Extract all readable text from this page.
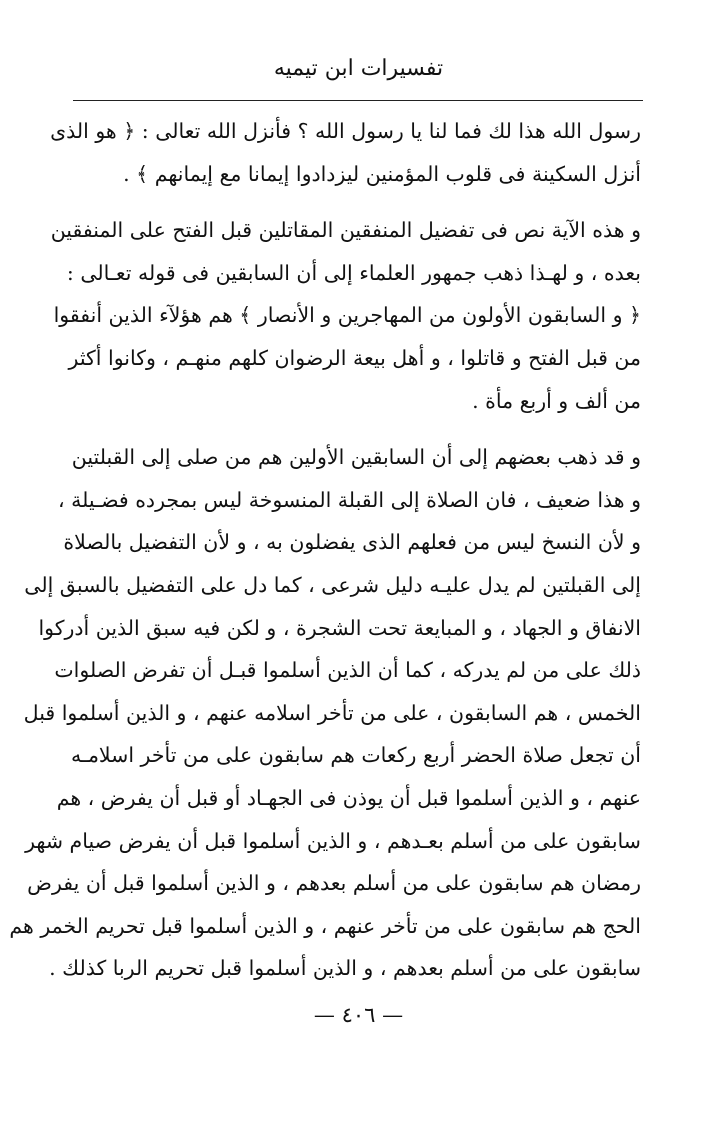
تفسيرات ابن تيميه
رسول الله هذا لك فما لنا يا رسول الله ؟ فأنزل الله تعالى : ﴿ هو الذى
أنزل السكينة فى قلوب المؤمنين ليزدادوا إيمانا مع إيمانهم ﴾ .
و هذه الآية نص فى تفضيل المنفقين المقاتلين قبل الفتح على المنفقين
بعده ، و لهـذا ذهب جمهور العلماء إلى أن السابقين فى قوله تعـالى :
﴿ و السابقون الأولون من المهاجرين و الأنصار ﴾ هم هؤلآء الذين أنفقوا
من قبل الفتح و قاتلوا ، و أهل بيعة الرضوان كلهم منهـم ، وكانوا أكثر
من ألف و أربع مأة .
و قد ذهب بعضهم إلى أن السابقين الأولين هم من صلى إلى القبلتين
و هذا ضعيف ، فان الصلاة إلى القبلة المنسوخة ليس بمجرده فضـيلة ،
و لأن النسخ ليس من فعلهم الذى يفضلون به ، و لأن التفضيل بالصلاة
إلى القبلتين لم يدل عليـه دليل شرعى ، كما دل على التفضيل بالسبق إلى
الانفاق و الجهاد ، و المبايعة تحت الشجرة ، و لكن فيه سبق الذين أدركوا
ذلك على من لم يدركه ، كما أن الذين أسلموا قبـل أن تفرض الصلوات
الخمس ، هم السابقون ، على من تأخر اسلامه عنهم ، و الذين أسلموا قبل
أن تجعل صلاة الحضر أربع ركعات هم سابقون على من تأخر اسلامـه
عنهم ، و الذين أسلموا قبل أن يوذن فى الجهـاد أو قبل أن يفرض ، هم
سابقون على من أسلم بعـدهم ، و الذين أسلموا قبل أن يفرض صيام شهر
رمضان هم سابقون على من أسلم بعدهم ، و الذين أسلموا قبل أن يفرض
الحج هم سابقون على من تأخر عنهم ، و الذين أسلموا قبل تحريم الخمر هم
سابقون على من أسلم بعدهم ، و الذين أسلموا قبل تحريم الربا كذلك .
— ٤٠٦ —
